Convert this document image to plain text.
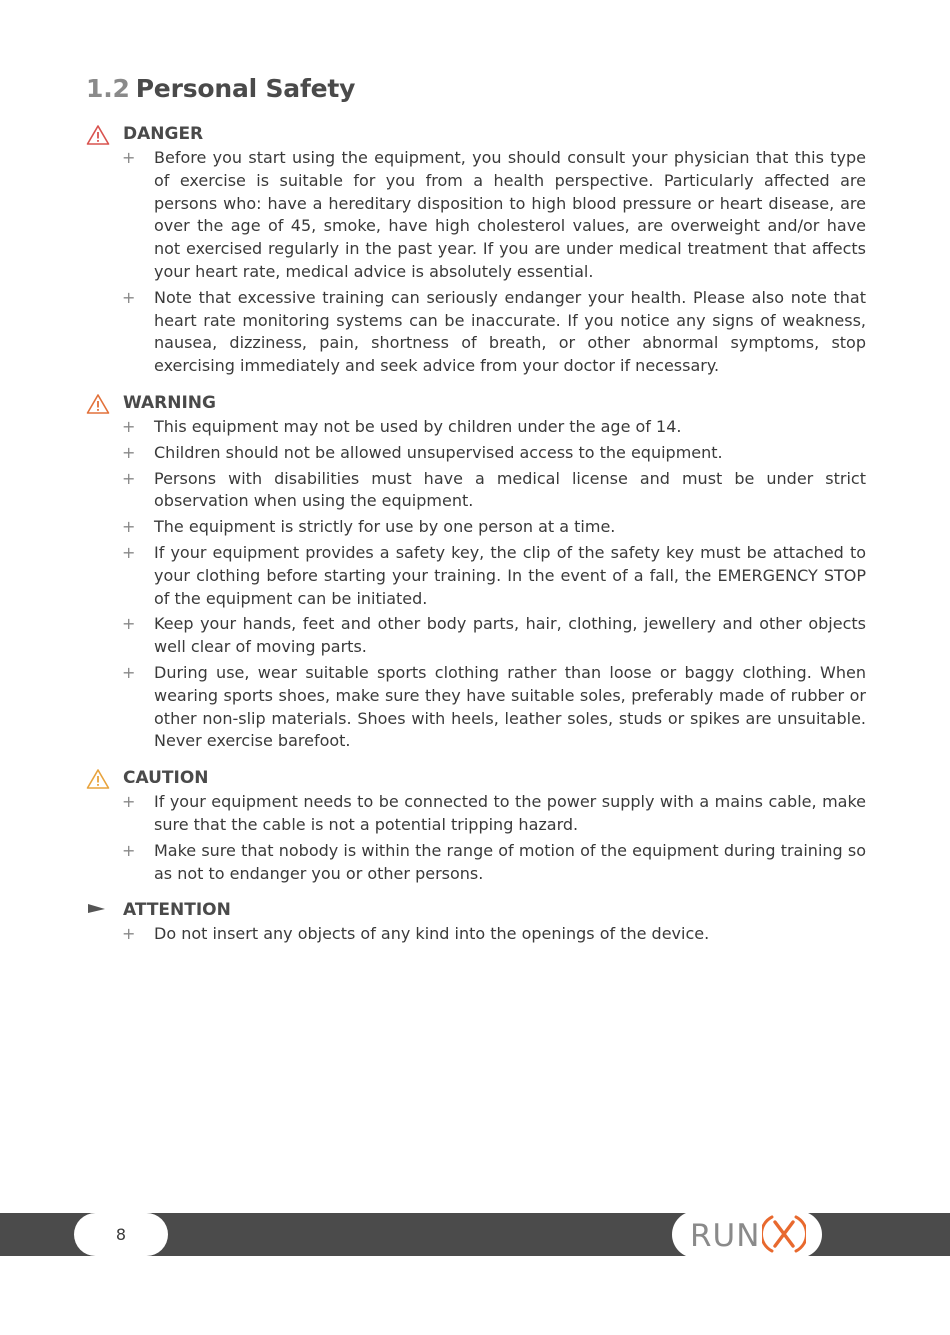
1.2 Personal Safety
DANGER
+ Before you start using the equipment, you should consult your physician that this type of exercise is suitable for you from a health perspective. Particularly affected are persons who: have a hereditary disposition to high blood pressure or heart disease, are over the age of 45, smoke, have high cholesterol values, are overweight and/or have not exercised regularly in the past year. If you are under medical treatment that affects your heart rate, medical advice is absolutely essential.
+ Note that excessive training can seriously endanger your health. Please also note that heart rate monitoring systems can be inaccurate. If you notice any signs of weakness, nausea, dizziness, pain, shortness of breath, or other abnormal symptoms, stop exercising immediately and seek advice from your doctor if necessary.
WARNING
+ This equipment may not be used by children under the age of 14.
+ Children should not be allowed unsupervised access to the equipment.
+ Persons with disabilities must have a medical license and must be under strict observation when using the equipment.
+ The equipment is strictly for use by one person at a time.
+ If your equipment provides a safety key, the clip of the safety key must be attached to your clothing before starting your training. In the event of a fall, the EMERGENCY STOP of the equipment can be initiated.
+ Keep your hands, feet and other body parts, hair, clothing, jewellery and other objects well clear of moving parts.
+ During use, wear suitable sports clothing rather than loose or baggy clothing. When wearing sports shoes, make sure they have suitable soles, preferably made of rubber or other non-slip materials. Shoes with heels, leather soles, studs or spikes are unsuitable. Never exercise barefoot.
CAUTION
+ If your equipment needs to be connected to the power supply with a mains cable, make sure that the cable is not a potential tripping hazard.
+ Make sure that nobody is within the range of motion of the equipment during training so as not to endanger you or other persons.
ATTENTION
+ Do not insert any objects of any kind into the openings of the device.
8	RUN
